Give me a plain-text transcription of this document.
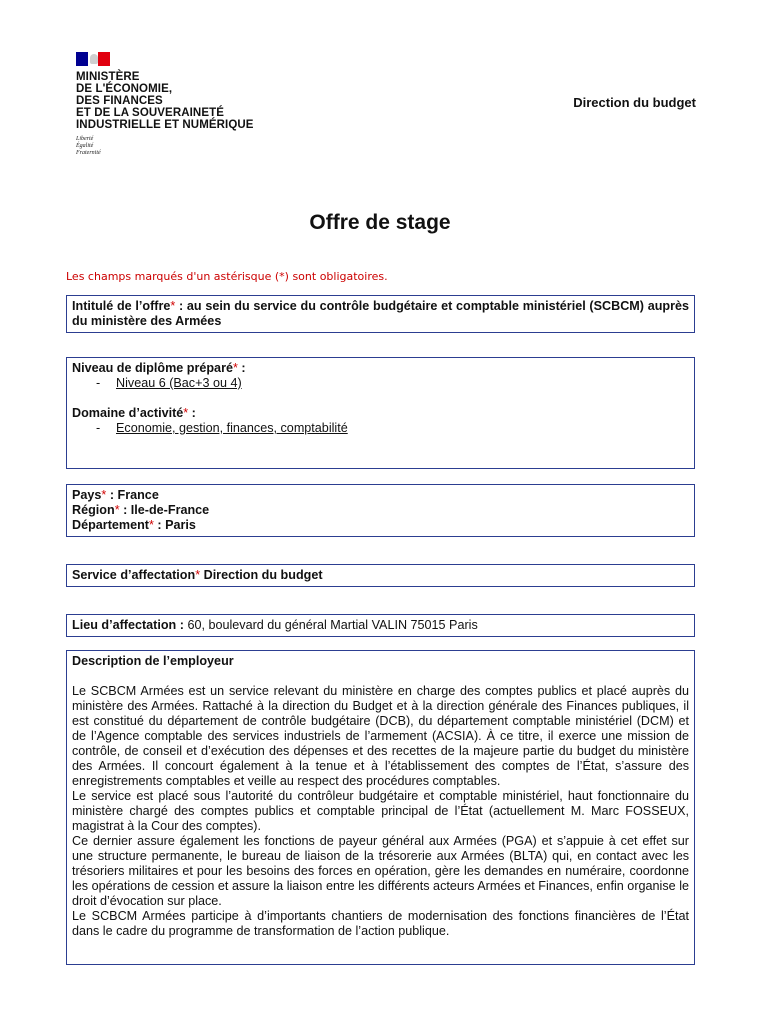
MINISTÈRE
DE L'ÉCONOMIE,
DES FINANCES
ET DE LA SOUVERAINETÉ
INDUSTRIELLE ET NUMÉRIQUE
Liberté
Égalité
Fraternité
Direction du budget
Offre de stage
Les champs marqués d'un astérisque (*) sont obligatoires.
Intitulé de l’offre* : au sein du service du contrôle budgétaire et comptable ministériel (SCBCM) auprès du ministère des Armées
Niveau de diplôme préparé* :
- Niveau 6 (Bac+3 ou 4)
Domaine d’activité* :
- Economie, gestion, finances, comptabilité
Pays* : France
Région* : Ile-de-France
Département* : Paris
Service d’affectation* Direction du budget
Lieu d’affectation : 60, boulevard du général Martial VALIN 75015 Paris
Description de l’employeur

Le SCBCM Armées est un service relevant du ministère en charge des comptes publics et placé auprès du ministère des Armées. Rattaché à la direction du Budget et à la direction générale des Finances publiques, il est constitué du département de contrôle budgétaire (DCB), du département comptable ministériel (DCM) et de l’Agence comptable des services industriels de l’armement (ACSIA). À ce titre, il exerce une mission de contrôle, de conseil et d’exécution des dépenses et des recettes de la majeure partie du budget du ministère des Armées. Il concourt également à la tenue et à l’établissement des comptes de l’État, s’assure des enregistrements comptables et veille au respect des procédures comptables.

Le service est placé sous l’autorité du contrôleur budgétaire et comptable ministériel, haut fonctionnaire du ministère chargé des comptes publics et comptable principal de l’État (actuellement M. Marc FOSSEUX, magistrat à la Cour des comptes).

Ce dernier assure également les fonctions de payeur général aux Armées (PGA) et s’appuie à cet effet sur une structure permanente, le bureau de liaison de la trésorerie aux Armées (BLTA) qui, en contact avec les trésoriers militaires et pour les besoins des forces en opération, gère les demandes en numéraire, coordonne les opérations de cession et assure la liaison entre les différents acteurs Armées et Finances, enfin organise le droit d’évocation sur place.

Le SCBCM Armées participe à d’importants chantiers de modernisation des fonctions financières de l’État dans le cadre du programme de transformation de l’action publique.
